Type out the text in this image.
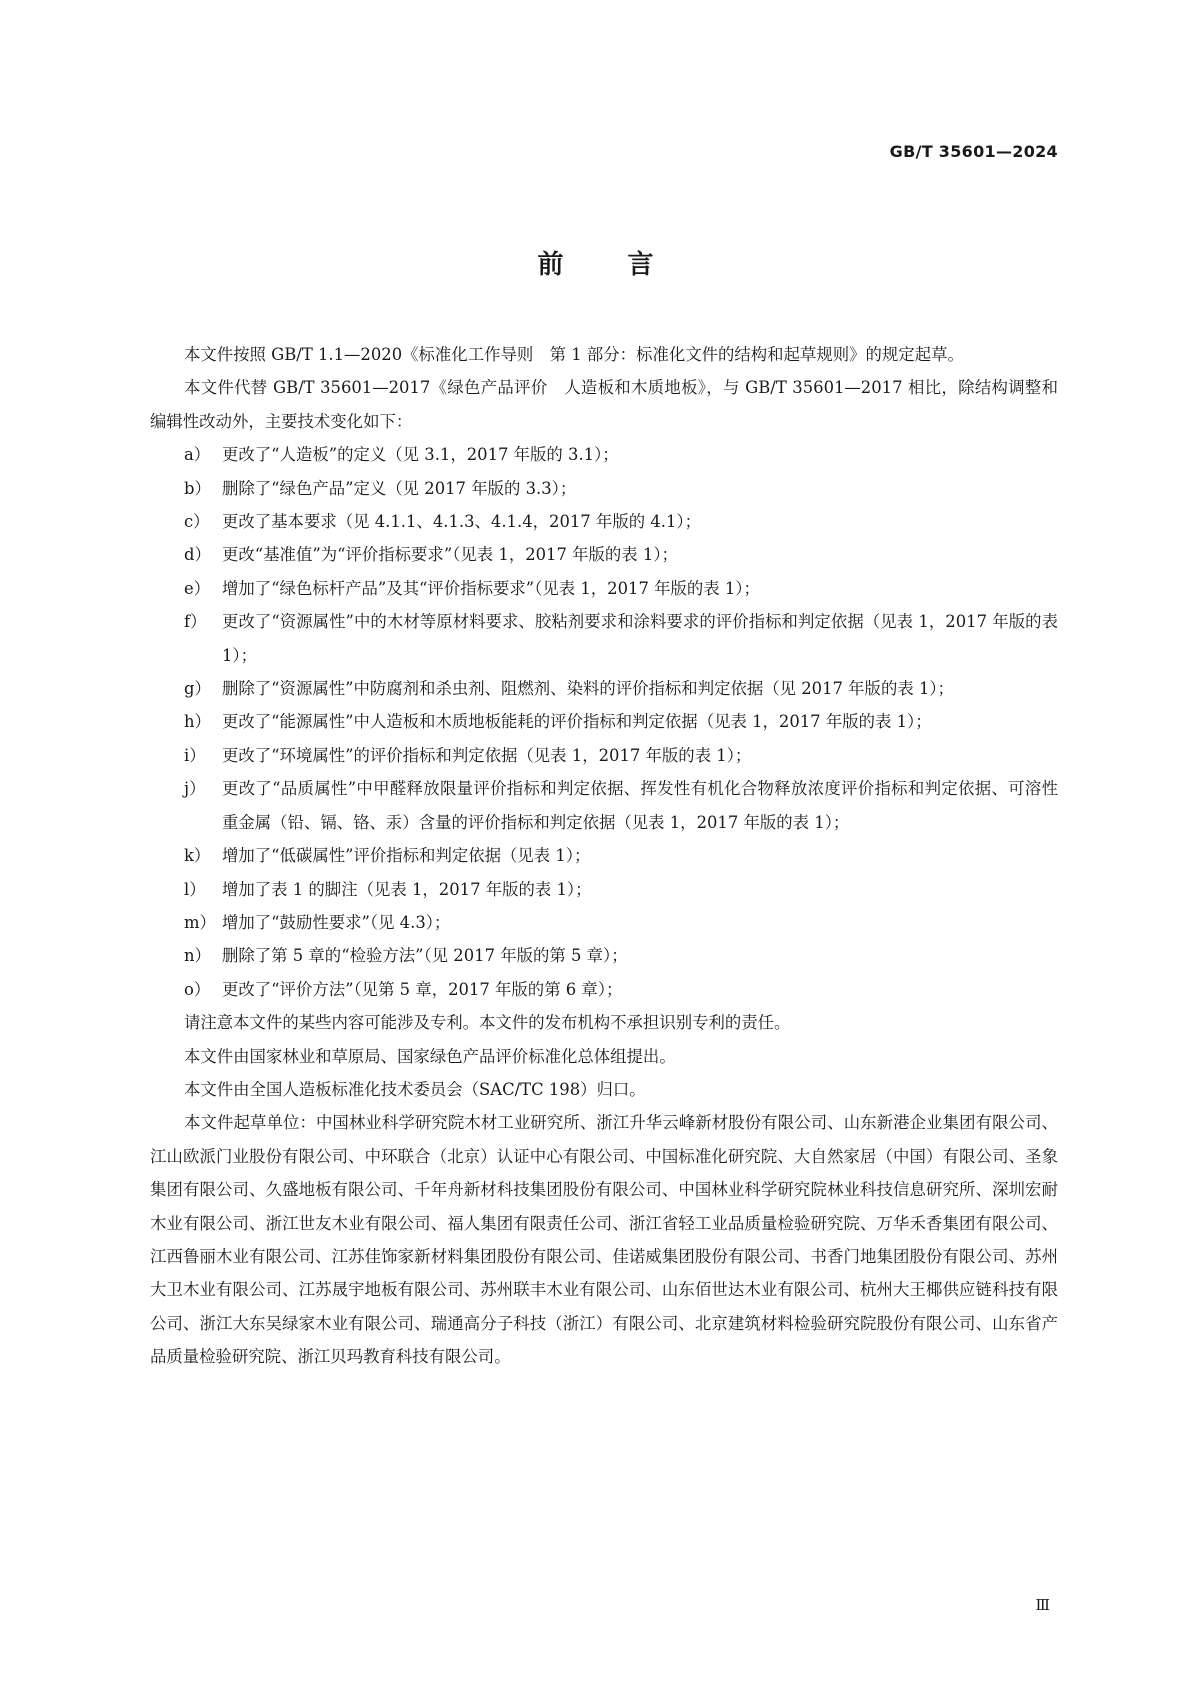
GB/T 35601—2024
前言

本文件按照 GB/T 1.1—2020《标准化工作导则　第 1 部分：标准化文件的结构和起草规则》的规定起草。

本文件代替 GB/T 35601—2017《绿色产品评价　人造板和木质地板》，与 GB/T 35601—2017 相比，除结构调整和编辑性改动外，主要技术变化如下：

a） 更改了“人造板”的定义（见 3.1，2017 年版的 3.1）；
b） 删除了“绿色产品”定义（见 2017 年版的 3.3）；
c） 更改了基本要求（见 4.1.1、4.1.3、4.1.4，2017 年版的 4.1）；
d） 更改“基准值”为“评价指标要求”（见表 1，2017 年版的表 1）；
e） 增加了“绿色标杆产品”及其“评价指标要求”（见表 1，2017 年版的表 1）；
f） 更改了“资源属性”中的木材等原材料要求、胶粘剂要求和涂料要求的评价指标和判定依据（见表 1，2017 年版的表 1）；
g） 删除了“资源属性”中防腐剂和杀虫剂、阻燃剂、染料的评价指标和判定依据（见 2017 年版的表 1）；
h） 更改了“能源属性”中人造板和木质地板能耗的评价指标和判定依据（见表 1，2017 年版的表 1）；
i） 更改了“环境属性”的评价指标和判定依据（见表 1，2017 年版的表 1）；
j）	更改了“品质属性”中甲醛释放限量评价指标和判定依据、挥发性有机化合物释放浓度评价指标和判定依据、可溶性重金属（铅、镉、铬、汞）含量的评价指标和判定依据（见表 1，2017 年版的表 1）；
k） 增加了“低碳属性”评价指标和判定依据（见表 1）；
l） 增加了表 1 的脚注（见表 1，2017 年版的表 1）；
m） 增加了“鼓励性要求”（见 4.3）；
n） 删除了第 5 章的“检验方法”（见 2017 年版的第 5 章）；
o） 更改了“评价方法”（见第 5 章，2017 年版的第 6 章）；

请注意本文件的某些内容可能涉及专利。本文件的发布机构不承担识别专利的责任。

本文件由国家林业和草原局、国家绿色产品评价标准化总体组提出。

本文件由全国人造板标准化技术委员会（SAC/TC 198）归口。

本文件起草单位：中国林业科学研究院木材工业研究所、浙江升华云峰新材股份有限公司、山东新港企业集团有限公司、江山欧派门业股份有限公司、中环联合（北京）认证中心有限公司、中国标准化研究院、大自然家居（中国）有限公司、圣象集团有限公司、久盛地板有限公司、千年舟新材科技集团股份有限公司、中国林业科学研究院林业科技信息研究所、深圳宏耐木业有限公司、浙江世友木业有限公司、福人集团有限责任公司、浙江省轻工业品质量检验研究院、万华禾香集团有限公司、江西鲁丽木业有限公司、江苏佳饰家新材料集团股份有限公司、佳诺威集团股份有限公司、书香门地集团股份有限公司、苏州大卫木业有限公司、江苏晟宇地板有限公司、苏州联丰木业有限公司、山东佰世达木业有限公司、杭州大王椰供应链科技有限公司、浙江大东吴绿家木业有限公司、瑞通高分子科技（浙江）有限公司、北京建筑材料检验研究院股份有限公司、山东省产品质量检验研究院、浙江贝玛教育科技有限公司。

Ⅲ
